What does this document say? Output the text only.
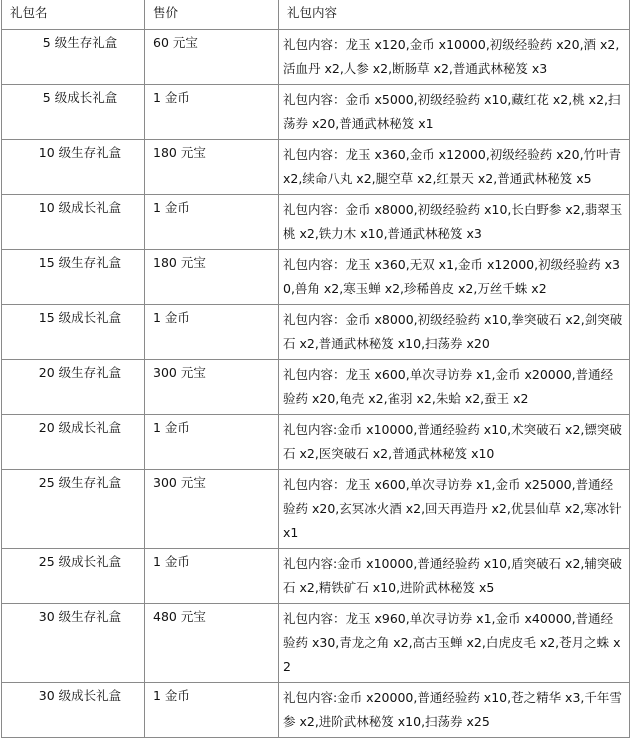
礼包名	售价	礼包内容
5 级生存礼盒	60 元宝	礼包内容：龙玉 x120,金币 x10000,初级经验药 x20,酒 x2,活血丹 x2,人参 x2,断肠草 x2,普通武林秘笈 x3
5 级成长礼盒	1 金币	礼包内容：金币 x5000,初级经验药 x10,藏红花 x2,桃 x2,扫荡券 x20,普通武林秘笈 x1
10 级生存礼盒	180 元宝	礼包内容：龙玉 x360,金币 x12000,初级经验药 x20,竹叶青 x2,续命八丸 x2,腿空草 x2,红景天 x2,普通武林秘笈 x5
10 级成长礼盒	1 金币	礼包内容：金币 x8000,初级经验药 x10,长白野参 x2,翡翠玉桃 x2,铁力木 x10,普通武林秘笈 x3
15 级生存礼盒	180 元宝	礼包内容：龙玉 x360,无双 x1,金币 x12000,初级经验药 x30,兽角 x2,寒玉蝉 x2,珍稀兽皮 x2,万丝千蛛 x2
15 级成长礼盒	1 金币	礼包内容：金币 x8000,初级经验药 x10,拳突破石 x2,剑突破石 x2,普通武林秘笈 x10,扫荡券 x20
20 级生存礼盒	300 元宝	礼包内容：龙玉 x600,单次寻访券 x1,金币 x20000,普通经验药 x20,龟壳 x2,雀羽 x2,朱蛤 x2,蚕王 x2
20 级成长礼盒	1 金币	礼包内容:金币 x10000,普通经验药 x10,术突破石 x2,镖突破石 x2,医突破石 x2,普通武林秘笈 x10
25 级生存礼盒	300 元宝	礼包内容：龙玉 x600,单次寻访券 x1,金币 x25000,普通经验药 x20,玄冥冰火酒 x2,回天再造丹 x2,优昙仙草 x2,寒冰针 x1
25 级成长礼盒	1 金币	礼包内容:金币 x10000,普通经验药 x10,盾突破石 x2,辅突破石 x2,精铁矿石 x10,进阶武林秘笈 x5
30 级生存礼盒	480 元宝	礼包内容：龙玉 x960,单次寻访券 x1,金币 x40000,普通经验药 x30,青龙之角 x2,高古玉蝉 x2,白虎皮毛 x2,苍月之蛛 x2
30 级成长礼盒	1 金币	礼包内容:金币 x20000,普通经验药 x10,苍之精华 x3,千年雪参 x2,进阶武林秘笈 x10,扫荡券 x25
